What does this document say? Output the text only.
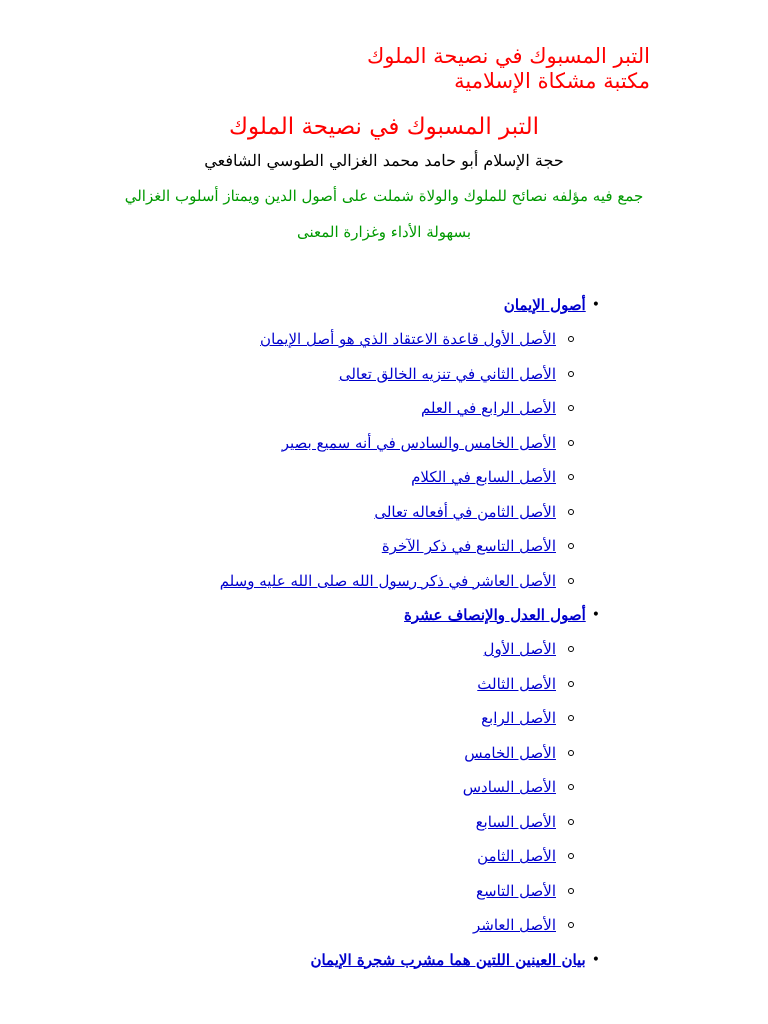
التبر المسبوك في نصيحة الملوك
مكتبة مشكاة الإسلامية
التبر المسبوك في نصيحة الملوك
حجة الإسلام أبو حامد محمد الغزالي الطوسي الشافعي
جمع فيه مؤلفه نصائح للملوك والولاة شملت على أصول الدين ويمتاز أسلوب الغزالي
بسهولة الأداء وغزارة المعنى
•
أصول الإيمان
الأصل الأول قاعدة الاعتقاد الذي هو أصل الإيمان
الأصل الثاني في تنزيه الخالق تعالى
الأصل الرابع في العلم
الأصل الخامس والسادس في أنه سميع بصير
الأصل السابع في الكلام
الأصل الثامن في أفعاله تعالى
الأصل التاسع في ذكر الآخرة
الأصل العاشر في ذكر رسول الله صلى الله عليه وسلم
•
أصول العدل والإنصاف عشرة
الأصل الأول
الأصل الثالث
الأصل الرابع
الأصل الخامس
الأصل السادس
الأصل السابع
الأصل الثامن
الأصل التاسع
الأصل العاشر
•
بيان العينين اللتين هما مشرب شجرة الإيمان
